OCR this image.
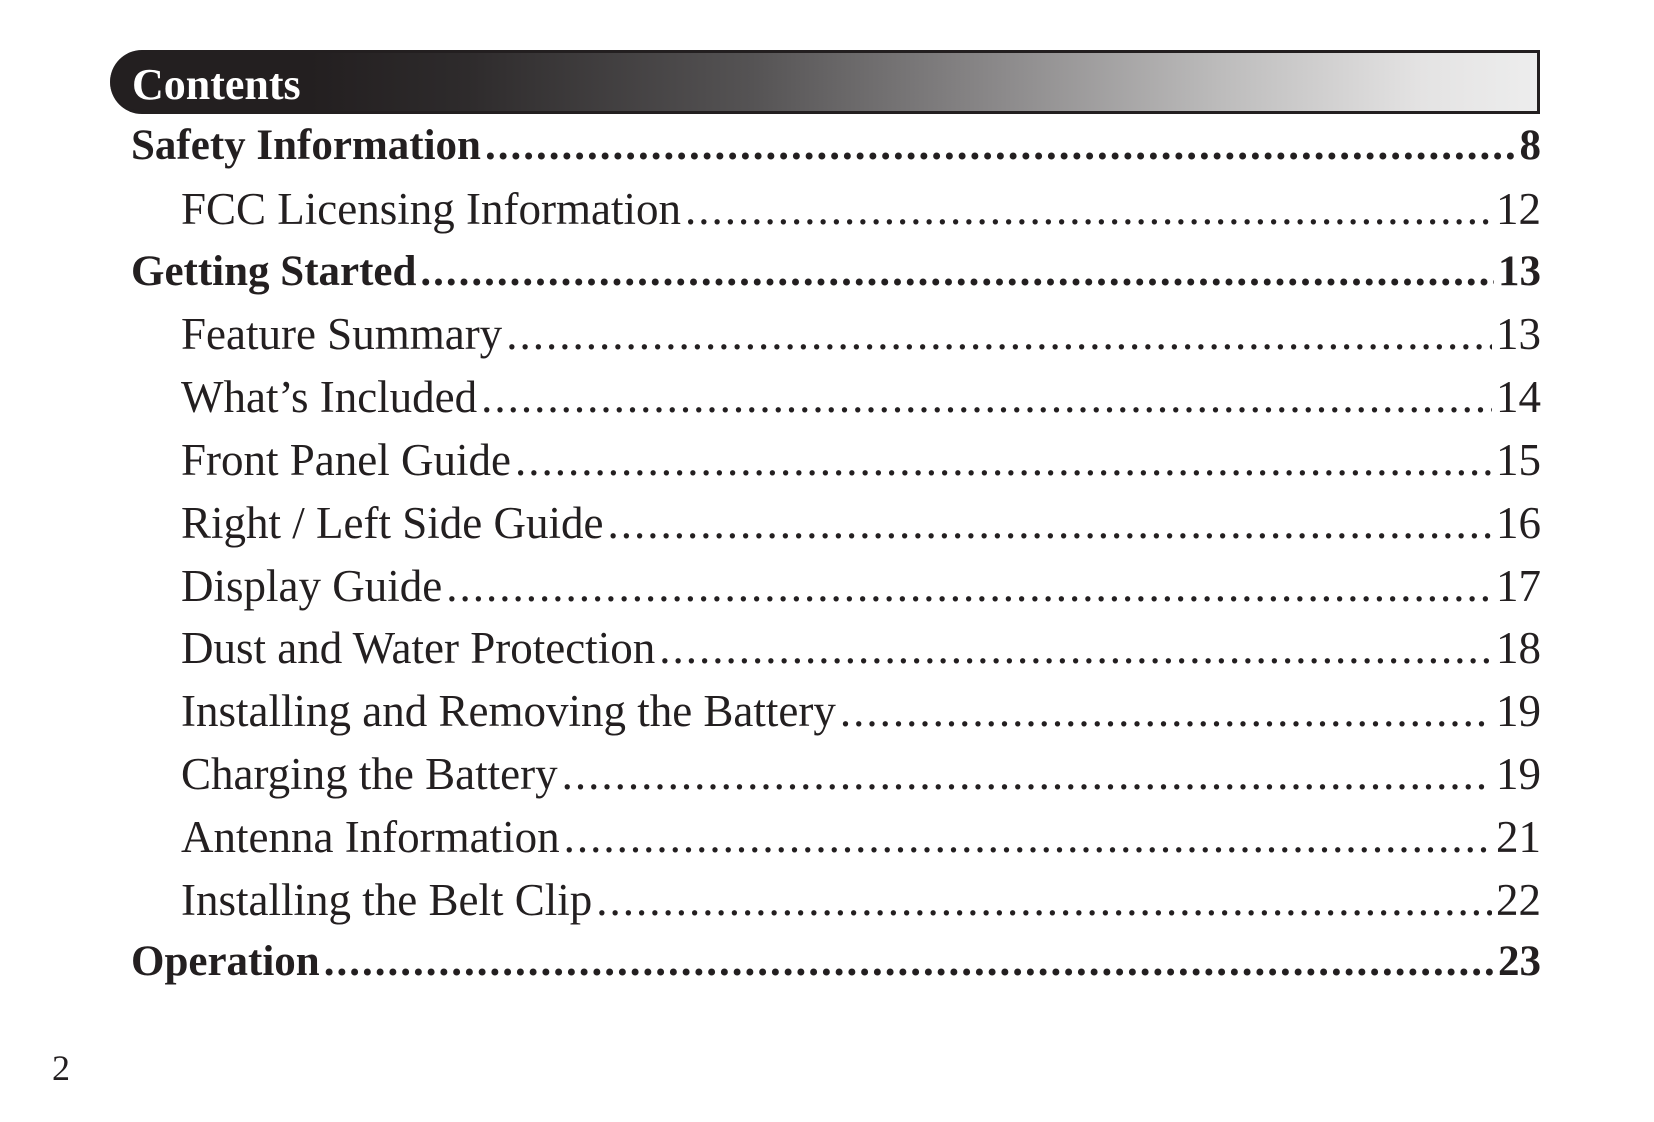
Contents
Safety Information .....	8
FCC Licensing Information .....	12
Getting Started .....	13
Feature Summary .....	13
What’s Included .....	14
Front Panel Guide .....	15
Right / Left Side Guide .....	16
Display Guide .....	17
Dust and Water Protection .....	18
Installing and Removing the Battery .....	19
Charging the Battery .....	19
Antenna Information .....	21
Installing the Belt Clip .....	22
Operation .....	23
2
